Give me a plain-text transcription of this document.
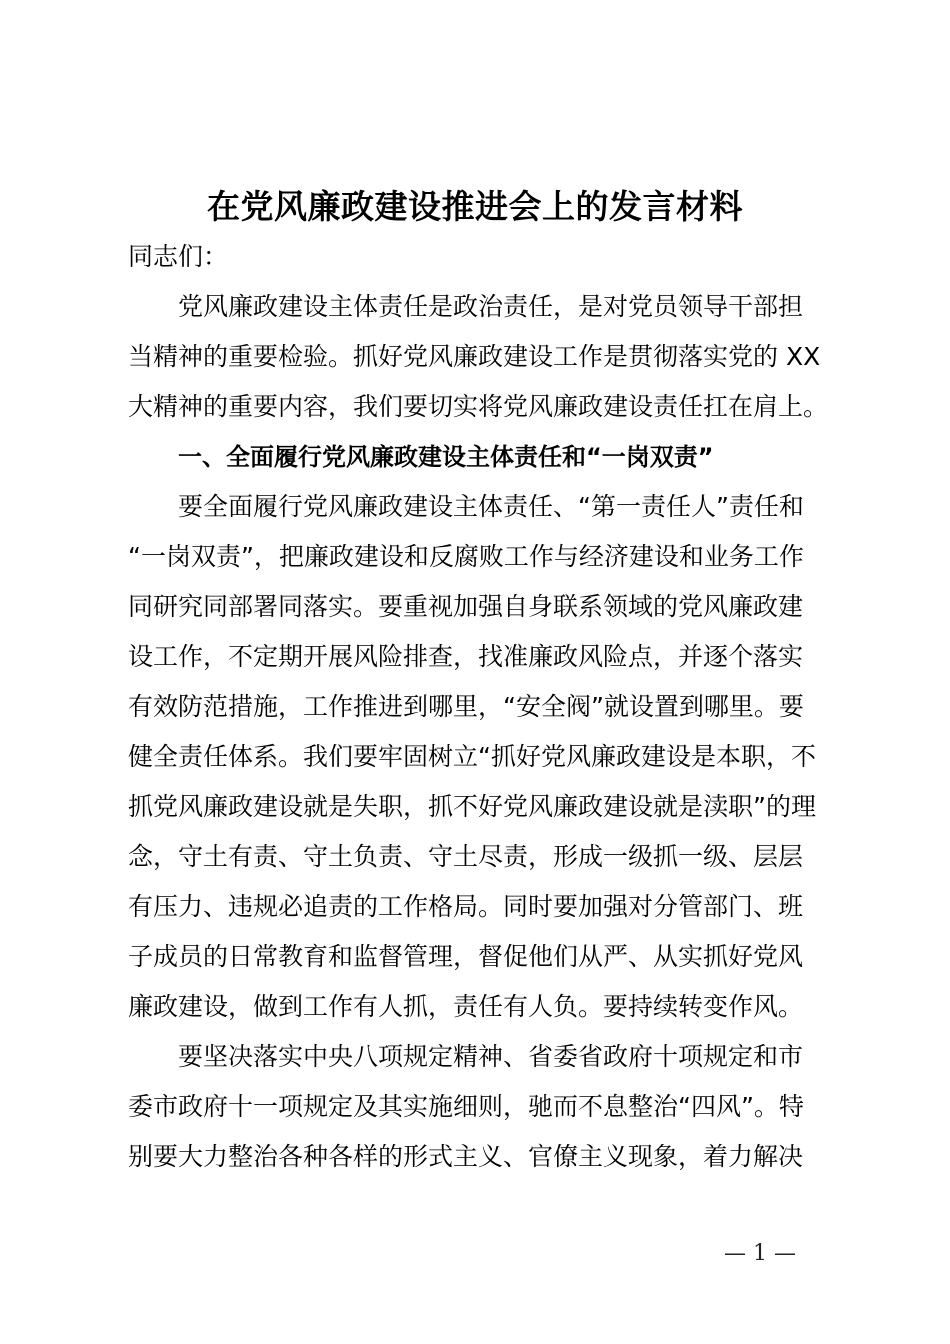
在党风廉政建设推进会上的发言材料
同志们：
党风廉政建设主体责任是政治责任，是对党员领导干部担
当精神的重要检验。抓好党风廉政建设工作是贯彻落实党的 XX
大精神的重要内容，我们要切实将党风廉政建设责任扛在肩上。
一、全面履行党风廉政建设主体责任和“一岗双责”
要全面履行党风廉政建设主体责任、“第一责任人”责任和
“一岗双责”，把廉政建设和反腐败工作与经济建设和业务工作
同研究同部署同落实。要重视加强自身联系领域的党风廉政建
设工作，不定期开展风险排查，找准廉政风险点，并逐个落实
有效防范措施，工作推进到哪里，“安全阀”就设置到哪里。要
健全责任体系。我们要牢固树立“抓好党风廉政建设是本职，不
抓党风廉政建设就是失职，抓不好党风廉政建设就是渎职”的理
念，守土有责、守土负责、守土尽责，形成一级抓一级、层层
有压力、违规必追责的工作格局。同时要加强对分管部门、班
子成员的日常教育和监督管理，督促他们从严、从实抓好党风
廉政建设，做到工作有人抓，责任有人负。要持续转变作风。
要坚决落实中央八项规定精神、省委省政府十项规定和市
委市政府十一项规定及其实施细则，驰而不息整治“四风”。特
别要大力整治各种各样的形式主义、官僚主义现象，着力解决
— 1 —
